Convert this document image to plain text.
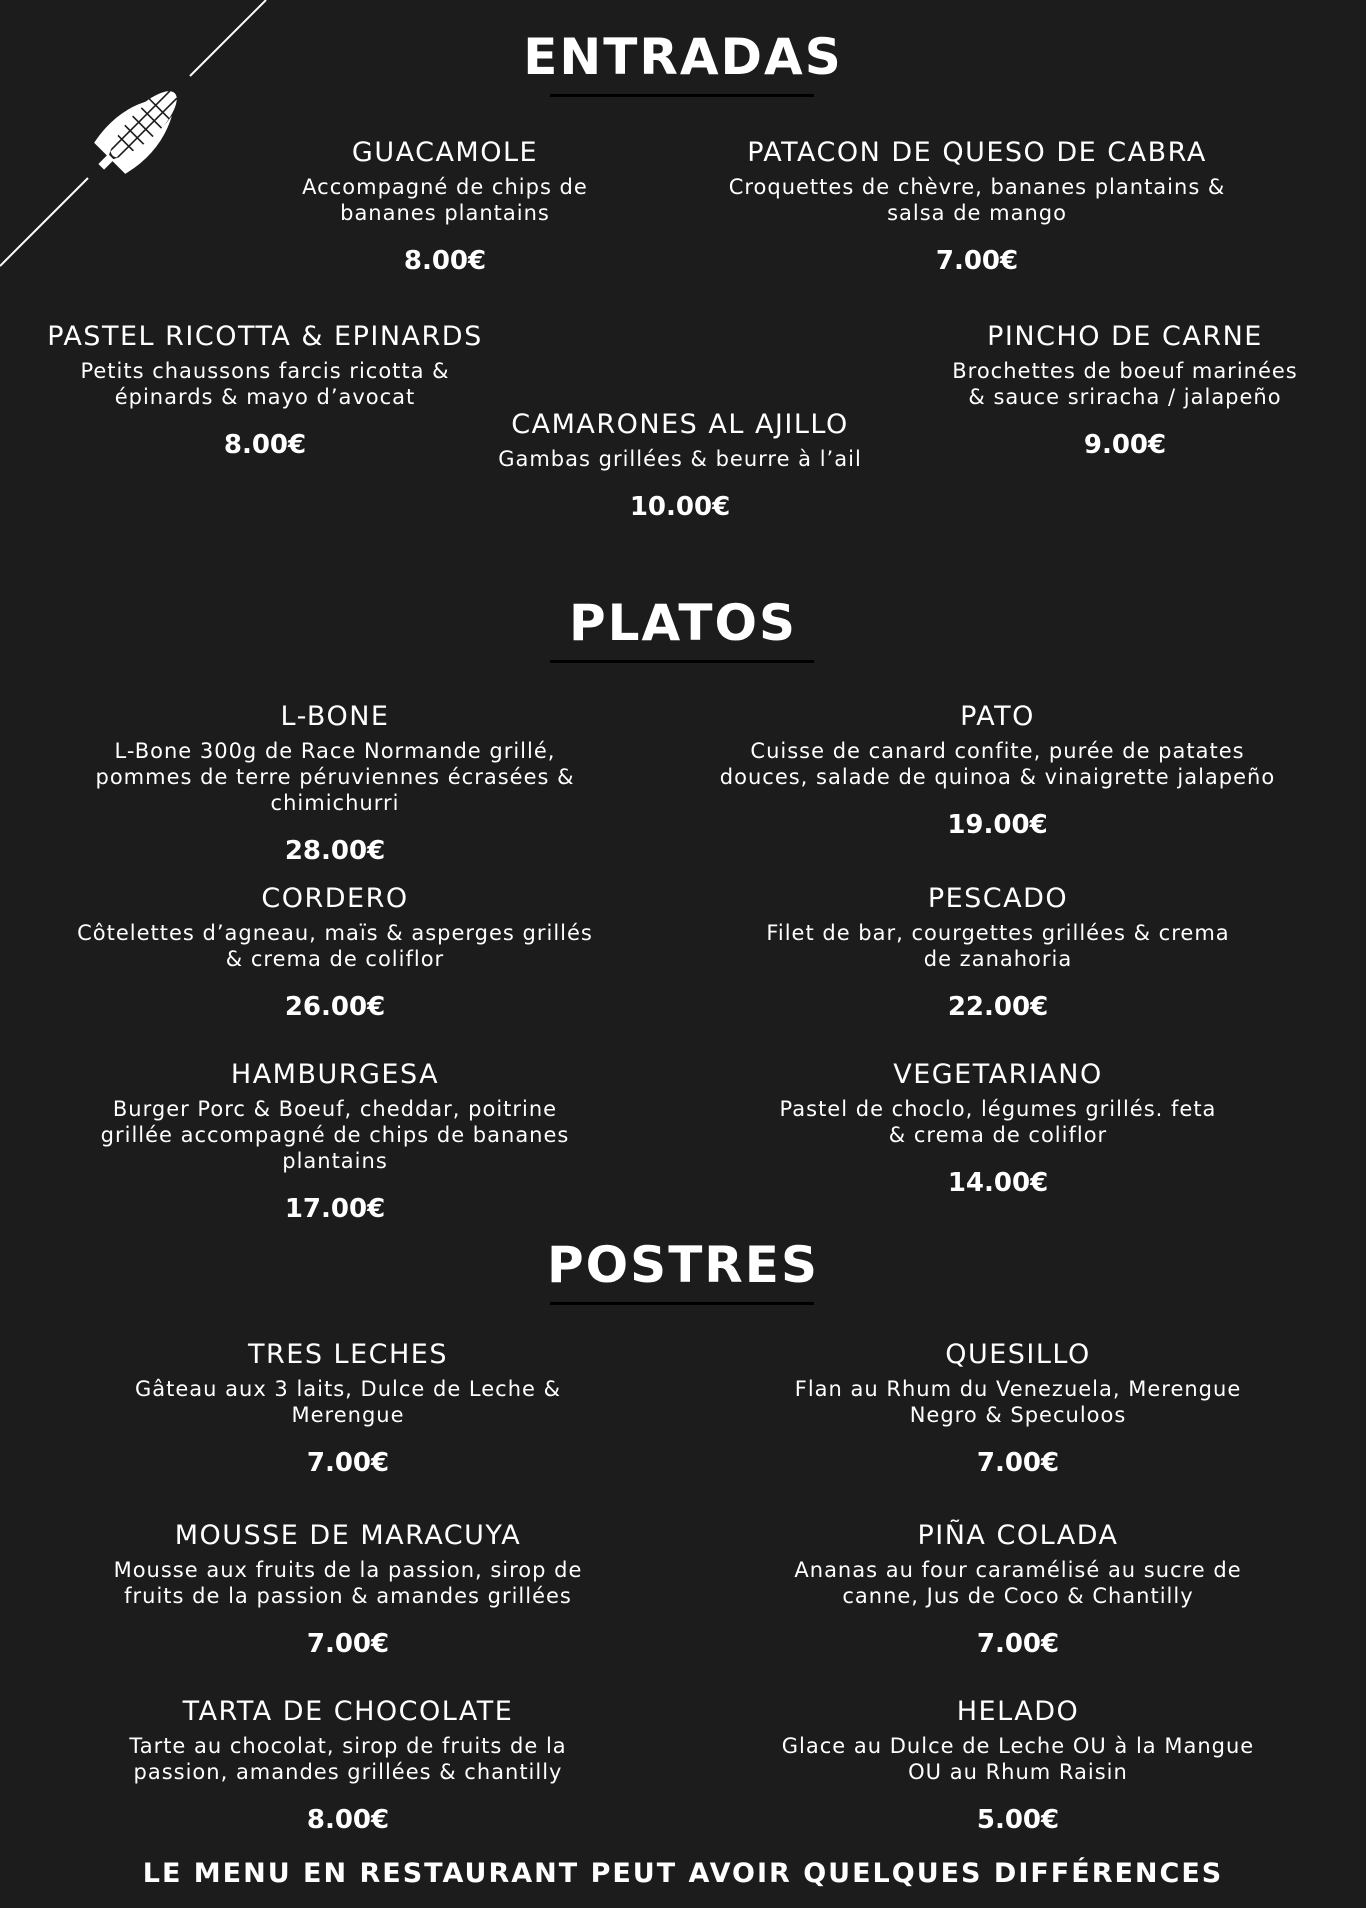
ENTRADAS
GUACAMOLE
Accompagné de chips de bananes plantains
8.00€
PATACON DE QUESO DE CABRA
Croquettes de chèvre, bananes plantains & salsa de mango
7.00€
PASTEL RICOTTA & EPINARDS
Petits chaussons farcis ricotta & épinards & mayo d’avocat
8.00€
CAMARONES AL AJILLO
Gambas grillées & beurre à l’ail
10.00€
PINCHO DE CARNE
Brochettes de boeuf marinées & sauce sriracha / jalapeño
9.00€
PLATOS
L-BONE
L-Bone 300g de Race Normande grillé, pommes de terre péruviennes écrasées & chimichurri
28.00€
PATO
Cuisse de canard confite, purée de patates douces, salade de quinoa & vinaigrette jalapeño
19.00€
CORDERO
Côtelettes d’agneau, maïs & asperges grillés & crema de coliflor
26.00€
PESCADO
Filet de bar, courgettes grillées & crema de zanahoria
22.00€
HAMBURGESA
Burger Porc & Boeuf, cheddar, poitrine grillée accompagné de chips de bananes plantains
17.00€
VEGETARIANO
Pastel de choclo, légumes grillés. feta & crema de coliflor
14.00€
POSTRES
TRES LECHES
Gâteau aux 3 laits, Dulce de Leche & Merengue
7.00€
QUESILLO
Flan au Rhum du Venezuela, Merengue Negro & Speculoos
7.00€
MOUSSE DE MARACUYA
Mousse aux fruits de la passion, sirop de fruits de la passion & amandes grillées
7.00€
PIÑA COLADA
Ananas au four caramélisé au sucre de canne, Jus de Coco & Chantilly
7.00€
TARTA DE CHOCOLATE
Tarte au chocolat, sirop de fruits de la passion, amandes grillées & chantilly
8.00€
HELADO
Glace au Dulce de Leche OU à la Mangue OU au Rhum Raisin
5.00€
LE MENU EN RESTAURANT PEUT AVOIR QUELQUES DIFFÉRENCES
